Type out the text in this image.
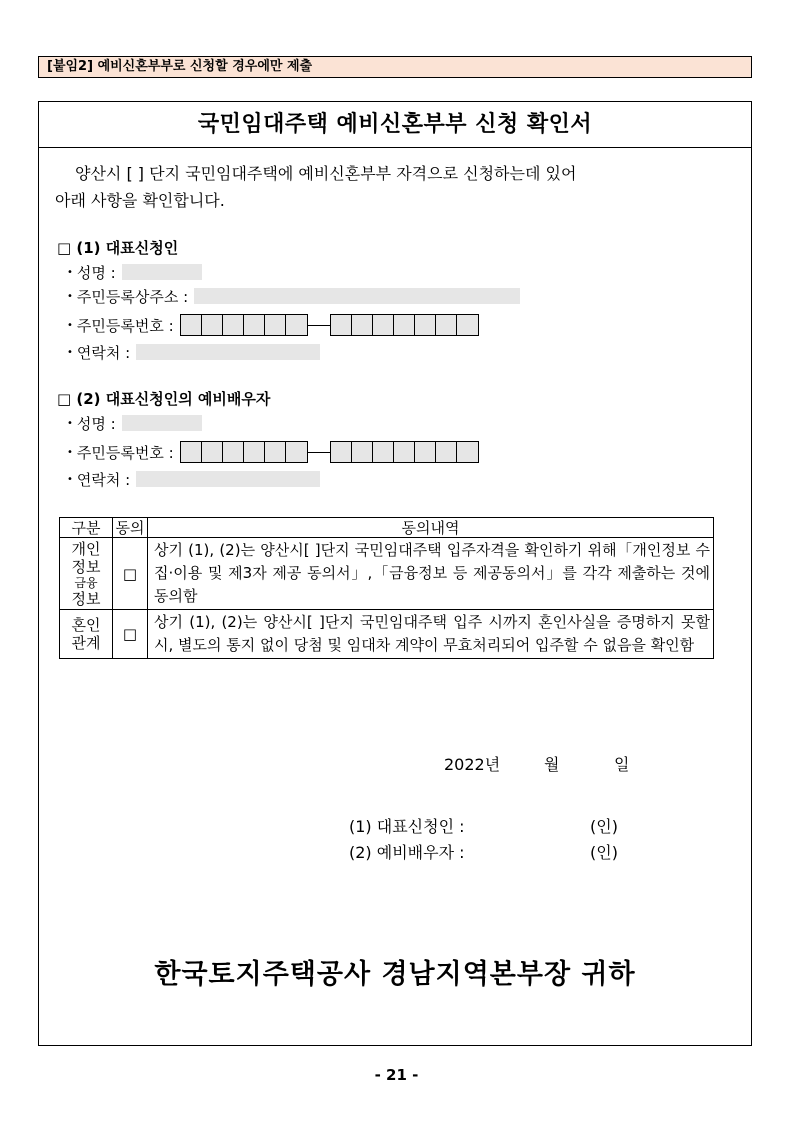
[붙임2] 예비신혼부부로 신청할 경우에만 제출
국민임대주택 예비신혼부부 신청 확인서
양산시 [ ] 단지 국민임대주택에 예비신혼부부 자격으로 신청하는데 있어
아래 사항을 확인합니다.
□ (1) 대표신청인
• 성명 :
• 주민등록상주소 :
• 주민등록번호 :
• 연락처 :
□ (2) 대표신청인의 예비배우자
• 성명 :
• 주민등록번호 :
• 연락처 :
구분	동의	동의내역

개인
정보
금융
정보	□	상기 (1), (2)는 양산시[ ]단지 국민임대주택 입주자격을 확인하기 위해「개인정보 수집·이용 및 제3자 제공 동의서」,「금융정보 등 제공동의서」를 각각 제출하는 것에 동의함

혼인
관계	□	상기 (1), (2)는 양산시[ ]단지 국민임대주택 입주 시까지 혼인사실을 증명하지 못할 시, 별도의 통지 없이 당첨 및 임대차 계약이 무효처리되어 입주할 수 없음을 확인함
2022년	월	일
(1) 대표신청인 :	(인)
(2) 예비배우자 :	(인)
한국토지주택공사 경남지역본부장 귀하
- 21 -
